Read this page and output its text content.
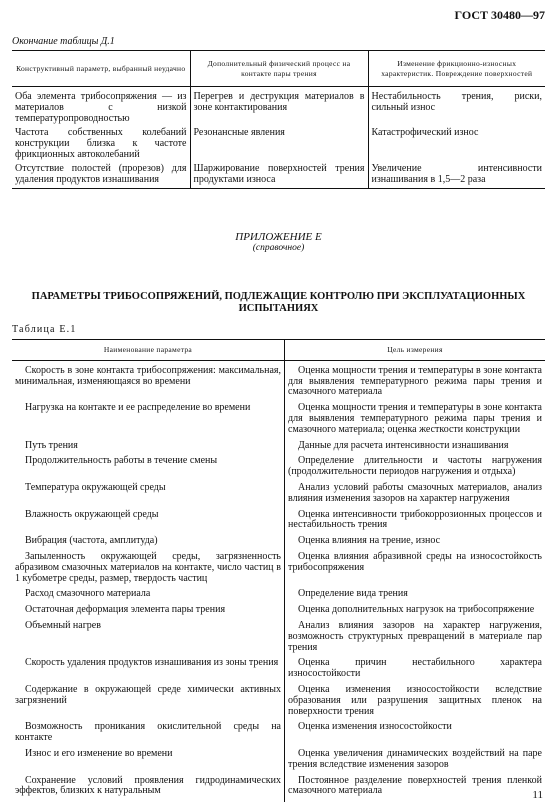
ГОСТ 30480—97
Окончание таблицы Д.1
Конструктивный параметр, выбранный неудачно	Дополнительный физический процесс на контакте пары трения	Изменение фрикционно-износных характеристик. Повреждение поверхностей
Оба элемента трибосопряжения — из материалов с низкой температуропроводностью	Перегрев и деструкция материалов в зоне контактирования	Нестабильность трения, риски, сильный износ
Частота собственных колебаний конструкции близка к частоте фрикционных автоколебаний	Резонансные явления	Катастрофический износ
Отсутствие полостей (прорезов) для удаления продуктов изнашивания	Шаржирование поверхностей трения продуктами износа	Увеличение интенсивности изнашивания в 1,5—2 раза
ПРИЛОЖЕНИЕ Е
(справочное)
ПАРАМЕТРЫ ТРИБОСОПРЯЖЕНИЙ, ПОДЛЕЖАЩИЕ КОНТРОЛЮ ПРИ ЭКСПЛУАТАЦИОННЫХ ИСПЫТАНИЯХ
Таблица Е.1
Наименование параметра	Цель измерения
Скорость в зоне контакта трибосопряжения: максимальная, минимальная, изменяющаяся во времени	Оценка мощности трения и температуры в зоне контакта для выявления температурного режима пары трения и смазочного материала
Нагрузка на контакте и ее распределение во времени	Оценка мощности трения и температуры в зоне контакта для выявления температурного режима пары трения и смазочного материала; оценка жесткости конструкции
Путь трения	Данные для расчета интенсивности изнашивания
Продолжительность работы в течение смены	Определение длительности и частоты нагружения (продолжительности периодов нагружения и отдыха)
Температура окружающей среды	Анализ условий работы смазочных материалов, анализ влияния изменения зазоров на характер нагружения
Влажность окружающей среды	Оценка интенсивности трибокоррозионных процессов и нестабильность трения
Вибрация (частота, амплитуда)	Оценка влияния на трение, износ
Запыленность окружающей среды, загрязненность абразивом смазочных материалов на контакте, число частиц в 1 кубометре среды, размер, твердость частиц	Оценка влияния абразивной среды на износостойкость трибосопряжения
Расход смазочного материала	Определение вида трения
Остаточная деформация элемента пары трения	Оценка дополнительных нагрузок на трибосопряжение
Объемный нагрев	Анализ влияния зазоров на характер нагружения, возможность структурных превращений в материале пар трения
Скорость удаления продуктов изнашивания из зоны трения	Оценка причин нестабильного характера износостойкости
Содержание в окружающей среде химически активных загрязнений	Оценка изменения износостойкости вследствие образования или разрушения защитных пленок на поверхности трения
Возможность проникания окислительной среды на контакте	Оценка изменения износостойкости
Износ и его изменение во времени	Оценка увеличения динамических воздействий на паре трения вследствие изменения зазоров
Сохранение условий проявления гидродинамических эффектов, близких к натуральным	Постоянное разделение поверхностей трения пленкой смазочного материала	11
